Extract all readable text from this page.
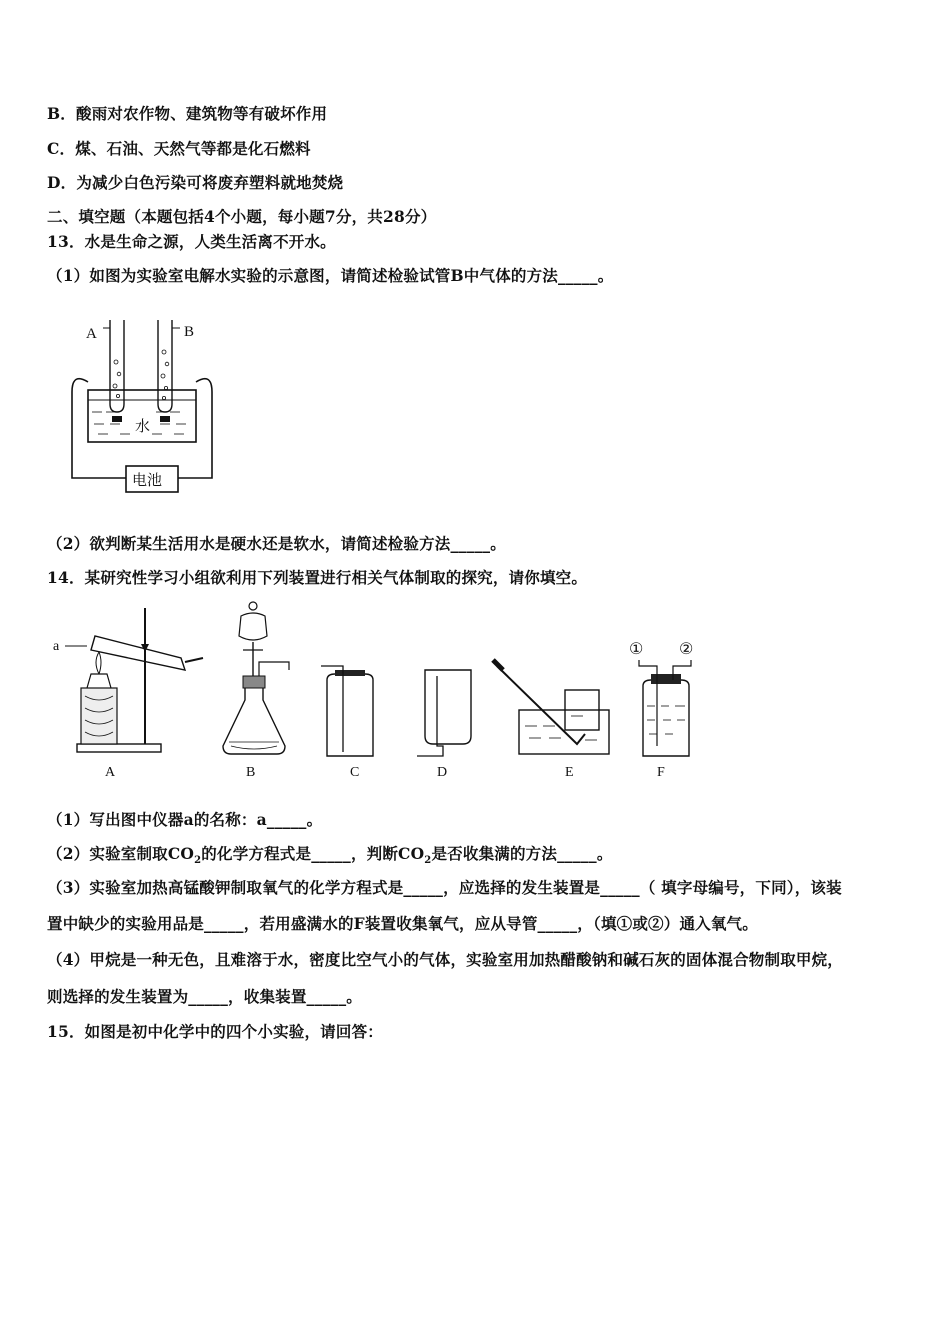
B．酸雨对农作物、建筑物等有破坏作用
C．煤、石油、天然气等都是化石燃料
D．为减少白色污染可将废弃塑料就地焚烧
二、填空题（本题包括4个小题，每小题7分，共28分）
13．水是生命之源，人类生活离不开水。
（1）如图为实验室电解水实验的示意图，请简述检验试管B中气体的方法_____。
电池
水
A	B
（2）欲判断某生活用水是硬水还是软水，请简述检验方法_____。
14．某研究性学习小组欲利用下列装置进行相关气体制取的探究，请你填空。
a	① ②
A	B	C	D	E	F
（1）写出图中仪器a的名称：a_____。
（2）实验室制取$CO_2$的化学方程式是_____，判断$CO_2$是否收集满的方法_____。
（3）实验室加热高锰酸钾制取氧气的化学方程式是_____，应选择的发生装置是_____（ 填字母编号，下同），该装
置中缺少的实验用品是_____，若用盛满水的F装置收集氧气，应从导管_____，（填①或②）通入氧气。
（4）甲烷是一种无色，且难溶于水，密度比空气小的气体，实验室用加热醋酸钠和碱石灰的固体混合物制取甲烷，
则选择的发生装置为_____，收集装置_____。
15．如图是初中化学中的四个小实验，请回答：
